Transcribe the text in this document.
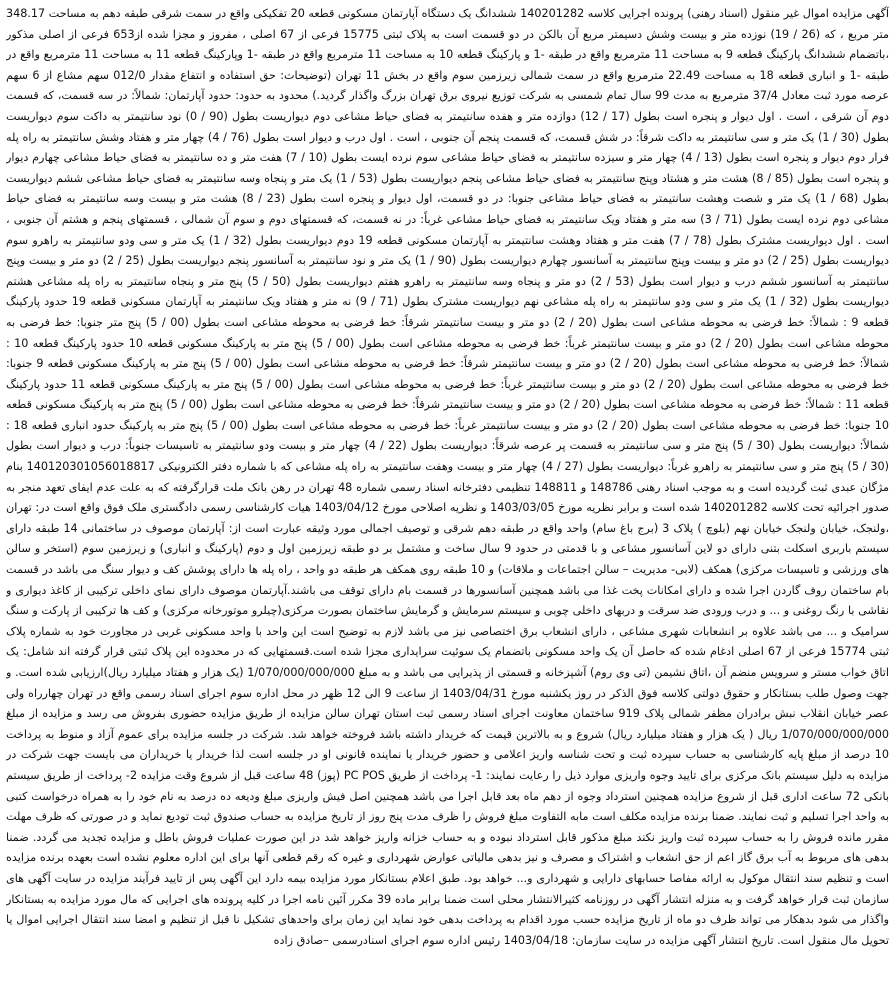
آگهی مزایده اموال غیر منقول (اسناد رهنی) پرونده اجرایی کلاسه 140201282 ششدانگ یک دستگاه آپارتمان مسکونی قطعه 20 تفکیکی واقع در سمت شرقی طبقه دهم به مساحت 348.17 متر مربع ، که (26 / 19) نوزده متر و بیست وشش دسیمتر مربع آن بالکن در دو قسمت است به پلاک ثبتی 15775 فرعی از 67 اصلی ، مفروز و مجزا شده از653 فرعی از اصلی مذکور ،باتضمام ششدانگ پارکینگ قطعه 9 به مساحت 11 مترمربع واقع در طبقه -1 و پارکینگ قطعه 10 به مساحت 11 مترمربع واقع در طبقه -1 وپارکینگ قطعه 11 به مساحت 11 مترمربع واقع در طبقه -1 و انباری قطعه 18 به مساحت 22.49 مترمربع واقع در سمت شمالی زیرزمین سوم واقع در بخش 11 تهران (توضیحات: حق استفاده و انتفاع مقدار 012/0 سهم مشاع از 6 سهم عرصه مورد ثبت معادل 37/4 مترمربع به مدت 99 سال تمام شمسی به شرکت توزیع نیروی برق تهران بزرگ واگذار گردید.) محدود به حدود: حدود آپارتمان: شمالاً: در سه قسمت، که قسمت دوم آن شرقی ، است . اول دیوار و پنجره است بطول (17 / 12) دوازده متر و هفده سانتیمتر به فضای حیاط مشاعی دوم دیواریست بطول (90 / 0) نود سانتیمتر به داکت سوم دیواریست بطول (30 / 1) یک متر و سی سانتیمتر به داکت شرقاً: در شش قسمت، که قسمت پنجم آن جنوبی ، است . اول درب و دیوار است بطول (76 / 4) چهار متر و هفتاد وشش سانتیمتر به راه پله فرار دوم دیوار و پنجره است بطول (13 / 4) چهار متر و سیزده سانتیمتر به فضای حیاط مشاعی سوم نرده ایست بطول (10 / 7) هفت متر و ده سانتیمتر به فضای حیاط مشاعی چهارم دیوار و پنجره است بطول (85 / 8) هشت متر و هشتاد وپنج سانتیمتر به فضای حیاط مشاعی پنجم دیواریست بطول (53 / 1) یک متر و پنجاه وسه سانتیمتر به فضای حیاط مشاعی ششم دیواریست بطول (68 / 1) یک متر و شصت وهشت سانتیمتر به فضای حیاط مشاعی جنوبا: در دو قسمت، اول دیوار و پنجره است بطول (23 / 8) هشت متر و بیست وسه سانتیمتر به فضای حیاط مشاعی دوم نرده ایست بطول (71 / 3) سه متر و هفتاد ویک سانتیمتر به فضای حیاط مشاعی غرباً: در نه قسمت، که قسمتهای دوم و سوم آن شمالی ، قسمتهای پنجم و هشتم آن جنوبی ، است . اول دیواریست مشترک بطول (78 / 7) هفت متر و هفتاد وهشت سانتیمتر به آپارتمان مسکونی قطعه 19 دوم دیواریست بطول (32 / 1) یک متر و سی ودو سانتیمتر به راهرو سوم دیواریست بطول (25 / 2) دو متر و بیست وپنج سانتیمتر به آسانسور چهارم دیواریست بطول (90 / 1) یک متر و نود سانتیمتر به آسانسور پنجم دیواریست بطول (25 / 2) دو متر و بیست وپنج سانتیمتر به آسانسور ششم درب و دیوار است بطول (53 / 2) دو متر و پنجاه وسه سانتیمتر به راهرو هفتم دیواریست بطول (50 / 5) پنج متر و پنجاه سانتیمتر به راه پله مشاعی هشتم دیواریست بطول (32 / 1) یک متر و سی ودو سانتیمتر به راه پله مشاعی نهم دیواریست مشترک بطول (71 / 9) نه متر و هفتاد ویک سانتیمتر به آپارتمان مسکونی قطعه 19 حدود پارکینگ قطعه 9 : شمالاً: خط فرضی به محوطه مشاعی است بطول (20 / 2) دو متر و بیست سانتیمتر شرقاً: خط فرضی به محوطه مشاعی است بطول (00 / 5) پنج متر جنوبا: خط فرضی به محوطه مشاعی است بطول (20 / 2) دو متر و بیست سانتیمتر غرباً: خط فرضی به محوطه مشاعی است بطول (00 / 5) پنج متر به پارکینگ مسکونی قطعه 10 حدود پارکینگ قطعه 10 : شمالاً: خط فرضی به محوطه مشاعی است بطول (20 / 2) دو متر و بیست سانتیمتر شرقاً: خط فرضی به محوطه مشاعی است بطول (00 / 5) پنج متر به پارکینگ مسکونی قطعه 9 جنوبا: خط فرضی به محوطه مشاعی است بطول (20 / 2) دو متر و بیست سانتیمتر غرباً: خط فرضی به محوطه مشاعی است بطول (00 / 5) پنج متر به پارکینگ مسکونی قطعه 11 حدود پارکینگ قطعه 11 : شمالاً: خط فرضی به محوطه مشاعی است بطول (20 / 2) دو متر و بیست سانتیمتر شرقاً: خط فرضی به محوطه مشاعی است بطول (00 / 5) پنج متر به پارکینگ مسکونی قطعه 10 جنوبا: خط فرضی به محوطه مشاعی است بطول (20 / 2) دو متر و بیست سانتیمتر غرباً: خط فرضی به محوطه مشاعی است بطول (00 / 5) پنج متر به پارکینگ حدود انباری قطعه 18 : شمالاً: دیواریست بطول (30 / 5) پنج متر و سی سانتیمتر به قسمت پر عرصه شرقاً: دیواریست بطول (22 / 4) چهار متر و بیست ودو سانتیمتر به تاسیسات جنوباً: درب و دیوار است بطول (30 / 5) پنج متر و سی سانتیمتر به راهرو غرباً: دیواریست بطول (27 / 4) چهار متر و بیست وهفت سانتیمتر به راه پله مشاعی که با شماره دفتر الکترونیکی 140120301056018817 بنام مژگان عبدی ثبت گردیده است و به موجب اسناد رهنی 148786 و 148811 تنظیمی دفترخانه اسناد رسمی شماره 48 تهران در رهن بانک ملت قرارگرفته که به علت عدم ایفای تعهد منجر به صدور اجرائیه تحت کلاسه 140201282 شده است و برابر نظریه مورخ 1403/03/05 و نظریه اصلاحی مورخ 1403/04/12 هیات کارشناسی رسمی دادگستری ملک فوق واقع است در: تهران ،ولنجک، خیابان ولنجک خیابان نهم (بلوچ ) پلاک 3 (برج باغ سام) واحد واقع در طبقه دهم شرقی و توصیف اجمالی مورد وثیقه عبارت است از: آپارتمان موصوف در ساختمانی 14 طبقه دارای سیستم باربری اسکلت بتنی دارای دو لاین آسانسور مشاعی و با قدمتی در حدود 9 سال ساخت و مشتمل بر دو طبقه زیرزمین اول و دوم (پارکینگ و انباری) و زیرزمین سوم (استخر و سالن های ورزشی و تاسیسات مرکزی) همکف (لابی- مدیریت – سالن اجتماعات و ملاقات) و 10 طبقه روی همکف هر طبقه دو واحد ، راه پله ها دارای پوشش کف و دیوار سنگ می باشد در قسمت بام ساختمان روف گاردن اجرا شده و دارای امکانات پخت غذا می باشد همچنین آسانسورها در قسمت بام دارای توقف می باشند.آپارتمان موصوف دارای نمای داخلی ترکیبی از کاغذ دیواری و نقاشی با رنگ روغنی و ... و درب ورودی ضد سرقت و دربهای داخلی چوبی و سیستم سرمایش و گرمایش ساختمان بصورت مرکزی(چیلرو موتورخانه مرکزی) و کف ها ترکیبی از پارکت و سنگ سرامیک و ... می باشد علاوه بر انشعابات شهری مشاعی ، دارای انشعاب برق اختصاصی نیز می باشد لازم به توضیح است این واحد با واحد مسکونی غربی در مجاورت خود به شماره پلاک ثبتی 15774 فرعی از 67 اصلی ادغام شده که حاصل آن یک واحد مسکونی باتضمام یک سوئیت سرایداری مجزا شده است.قسمتهایی که در محدوده این پلاک ثبتی قرار گرفته اند شامل: یک اتاق خواب مستر و سرویس منضم آن ،اتاق نشیمن (تی وی روم) آشپزخانه و قسمتی از پذیرایی می باشد و به مبلغ 1/070/000/000/000 (یک هزار و هفتاد میلیارد ریال)ارزیابی شده است. و جهت وصول طلب بستانکار و حقوق دولتی کلاسه فوق الذکر در روز یکشنبه مورخ 1403/04/31 از ساعت 9 الی 12 ظهر در محل اداره سوم اجرای اسناد رسمی واقع در تهران چهارراه ولی عصر خیابان انقلاب نبش برادران مظفر شمالی پلاک 919 ساختمان معاونت اجرای اسناد رسمی ثبت استان تهران سالن مزایده از طریق مزایده حضوری بفروش می رسد و مزایده از مبلغ 1/070/000/000/000 ریال ( یک هزار و هفتاد میلیارد ریال) شروع و به بالاترین قیمت که خریدار داشته باشد فروخته خواهد شد. شرکت در جلسه مزایده برای عموم آزاد و منوط به پرداخت 10 درصد از مبلغ پایه کارشناسی به حساب سپرده ثبت و تحت شناسه واریز اعلامی و حضور خریدار یا نماینده قانونی او در جلسه است لذا خریدار یا خریداران می بایست جهت شرکت در مزایده به دلیل سیستم بانک مرکزی برای تایید وجوه واریزی موارد ذیل را رعایت نمایند: 1- پرداخت از طریق PC POS (پوز) 48 ساعت قبل از شروع وقت مزایده 2- پرداخت از طریق سیستم بانکی 72 ساعت اداری قبل از شروع مزایده همچنین استرداد وجوه از دهم ماه بعد قابل اجرا می باشد همچنین اصل فیش واریزی مبلغ ودیعه ده درصد به نام خود را به همراه درخواست کتبی به واحد اجرا تسلیم و ثبت نمایند. ضمنا برنده مزایده مکلف است مابه التفاوت مبلغ فروش را ظرف مدت پنج روز از تاریخ مزایده به حساب صندوق ثبت تودیع نماید و در صورتی که ظرف مهلت مقرر مانده فروش را به حساب سپرده ثبت واریز نکند مبلغ مذکور قابل استرداد نبوده و به حساب خزانه واریز خواهد شد در این صورت عملیات فروش باطل و مزایده تجدید می گردد. ضمنا بدهی های مربوط به آب برق گاز اعم از حق انشعاب و اشتراک و مصرف و نیز بدهی مالیاتی عوارض شهرداری و غیره که رقم قطعی آنها برای این اداره معلوم نشده است بعهده برنده مزایده است و تنظیم سند انتقال موکول به ارائه مفاصا حسابهای دارایی و شهرداری و... خواهد بود. طبق اعلام بستانکار مورد مزایده بیمه دارد این آگهی پس از تایید فرآیند مزایده در سایت آگهی های سازمان ثبت قرار خواهد گرفت و به منزله انتشار آگهی در روزنامه کثیرالانتشار محلی است ضمنا برابر ماده 39 مکرر آئین نامه اجرا در کلیه پرونده های اجرایی که مال مورد مزایده به بستانکار واگذار می شود بدهکار می تواند ظرف دو ماه از تاریخ مزایده حسب مورد اقدام به پرداخت بدهی خود نماید این زمان برای واحدهای تشکیل نا قبل از تنظیم و امضا سند انتقال اجرایی اموال یا تحویل مال منقول است. تاریخ انتشار آگهی مزایده در سایت سازمان: 1403/04/18 رئیس اداره سوم اجرای اسنادرسمی –صادق زاده
